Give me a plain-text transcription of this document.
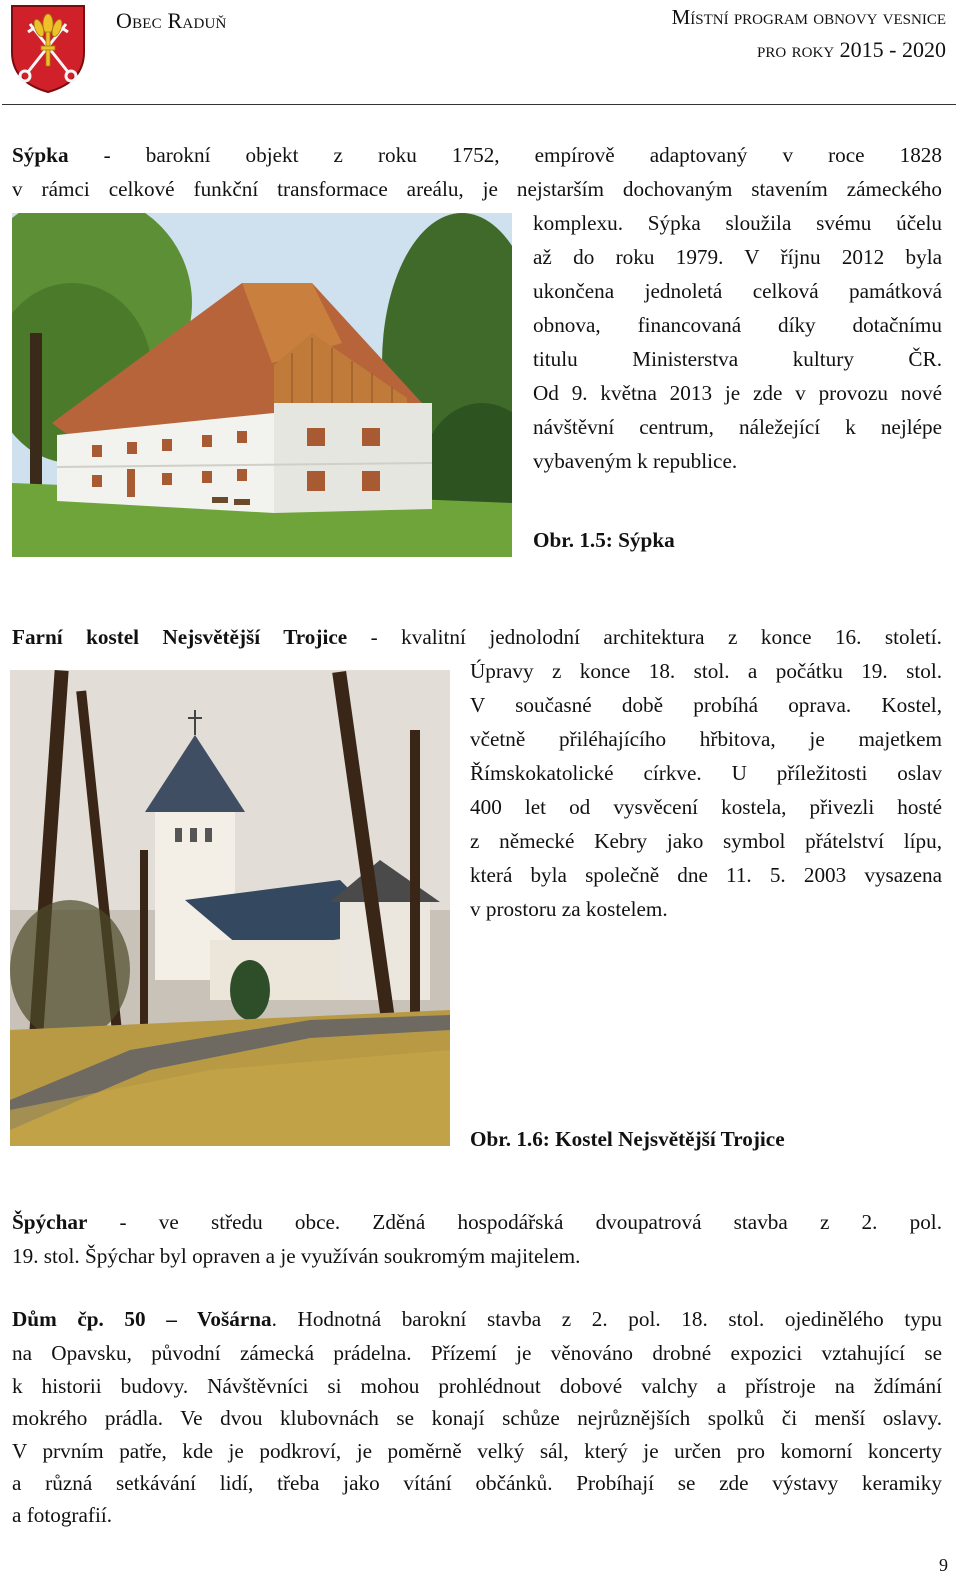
Obec Raduň	Místní program obnovy vesnice
pro roky 2015 - 2020

Sýpka - barokní objekt z roku 1752, empírově adaptovaný v roce 1828

v rámci celkové funkční transformace areálu, je nejstarším dochovaným stavením zámeckého

komplexu. Sýpka sloužila svému účelu

až do roku 1979. V říjnu 2012 byla

ukončena jednoletá celková památková

obnova, financovaná díky dotačnímu

titulu Ministerstva kultury ČR.

Od 9. května 2013 je zde v provozu nové

návštěvní centrum, náležející k nejlépe

vybaveným k republice.

Obr. 1.5: Sýpka

Farní kostel Nejsvětější Trojice - kvalitní jednolodní architektura z konce 16. století.

Úpravy z konce 18. stol. a počátku 19. stol.

V současné době probíhá oprava. Kostel,

včetně přiléhajícího hřbitova, je majetkem

Římskokatolické církve. U příležitosti oslav

400 let od vysvěcení kostela, přivezli hosté

z německé Kebry jako symbol přátelství lípu,

která byla společně dne 11. 5. 2003 vysazena

v prostoru za kostelem.

Obr. 1.6: Kostel Nejsvětější Trojice

Špýchar - ve středu obce. Zděná hospodářská dvoupatrová stavba z 2. pol.

19. stol. Špýchar byl opraven a je využíván soukromým majitelem.

Dům čp. 50 – Vošárna. Hodnotná barokní stavba z 2. pol. 18. stol. ojedinělého typu

na Opavsku, původní zámecká prádelna. Přízemí je věnováno drobné expozici vztahující se

k historii budovy. Návštěvníci si mohou prohlédnout dobové valchy a přístroje na ždímání

mokrého prádla. Ve dvou klubovnách se konají schůze nejrůznějších spolků či menší oslavy.

V prvním patře, kde je podkroví, je poměrně velký sál, který je určen pro komorní koncerty

a různá setkávání lidí, třeba jako vítání občánků. Probíhají se zde výstavy keramiky

a fotografií.

9
